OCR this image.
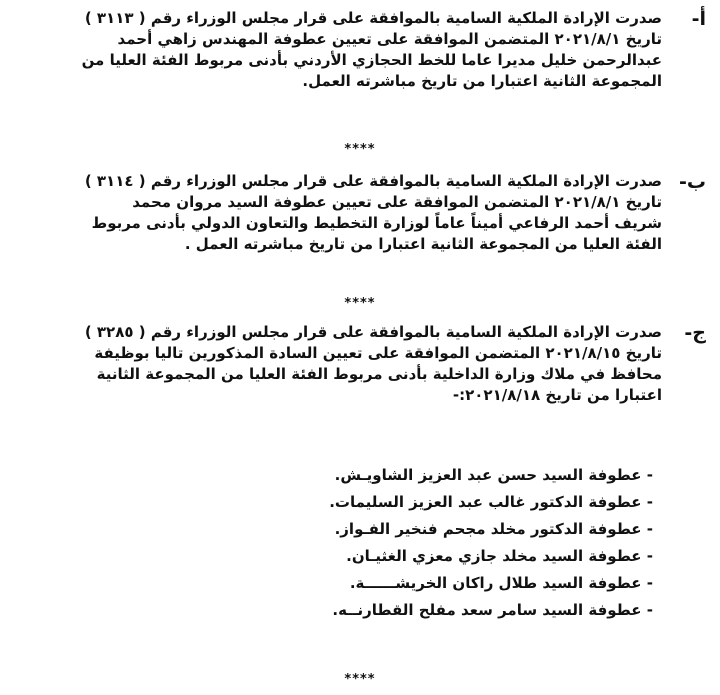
أ-
صدرت الإرادة الملكية السامية بالموافقة على قرار مجلس الوزراء رقم ( ٣١١٣ )
تاريخ ٢٠٢١/٨/١ المتضمن الموافقة على تعيين عطوفة المهندس زاهي أحمد
عبدالرحمن خليل مديرا عاما للخط الحجازي الأردني بأدنى مربوط الفئة العليا من
المجموعة الثانية اعتبارا من تاريخ مباشرته العمل.
****
ب-
صدرت الإرادة الملكية السامية بالموافقة على قرار مجلس الوزراء رقم ( ٣١١٤ )
تاريخ ٢٠٢١/٨/١ المتضمن الموافقة على تعيين عطوفة السيد مروان محمد
شريف أحمد الرفاعي أميناً عاماً لوزارة التخطيط والتعاون الدولي بأدنى مربوط
الفئة العليا من المجموعة الثانية اعتبارا من تاريخ مباشرته العمل .
****
ج-
صدرت الإرادة الملكية السامية بالموافقة على قرار مجلس الوزراء رقم ( ٣٢٨٥ )
تاريخ ٢٠٢١/٨/١٥ المتضمن الموافقة على تعيين السادة المذكورين تاليا بوظيفة
محافظ في ملاك وزارة الداخلية بأدنى مربوط الفئة العليا من المجموعة الثانية
اعتبارا من تاريخ ٢٠٢١/٨/١٨:-
- عطوفة السيد حسن عبد العزيز الشاويـش.
- عطوفة الدكتور غالب عبد العزيز السليمات.
- عطوفة الدكتور مخلد مجحم فنخير الفـواز.
- عطوفة السيد مخلد جازي معزي الغثيـان.
- عطوفة السيد طلال راكان الخريشــــــة.
- عطوفة السيد سامر سعد مفلح القطارنــه.
****
